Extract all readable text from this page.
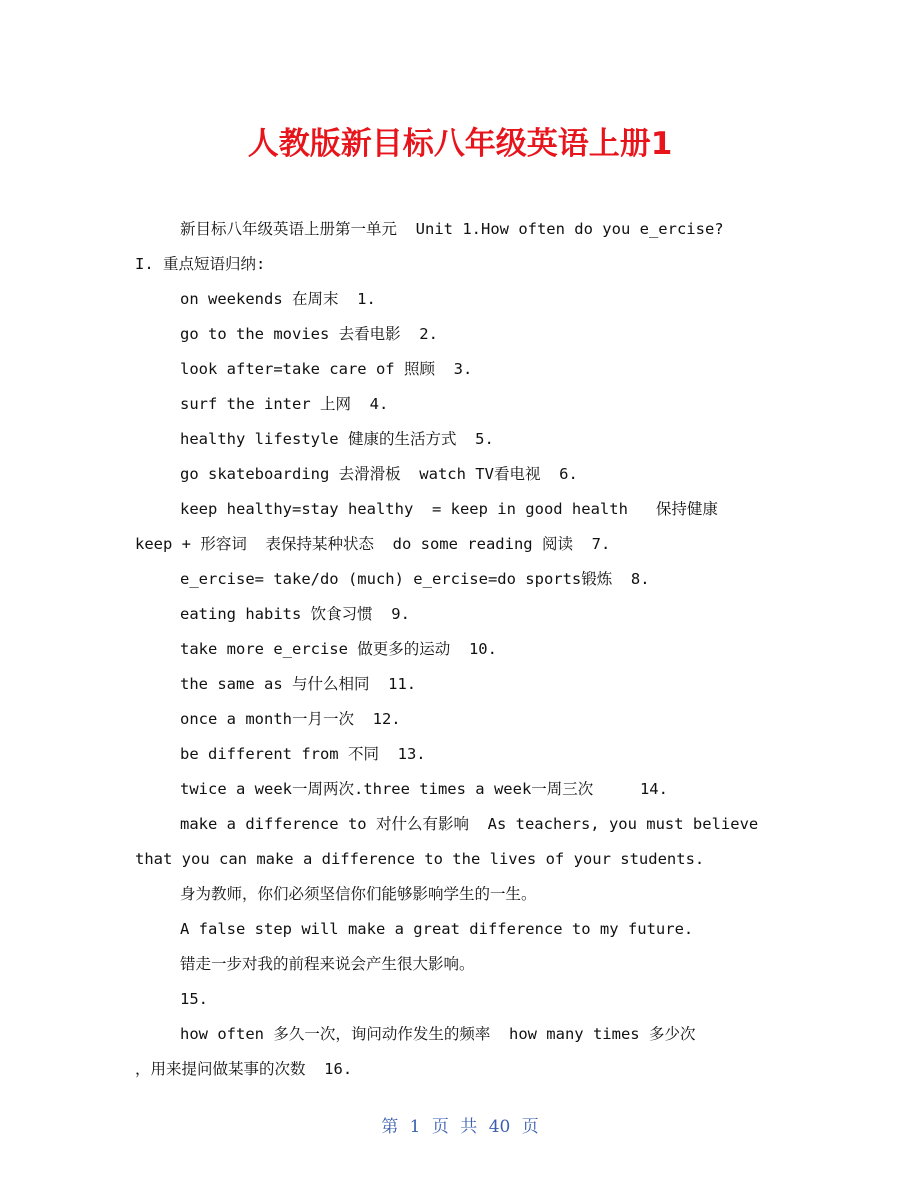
人教版新目标八年级英语上册1
新目标八年级英语上册第一单元  Unit 1.How often do you e_ercise?
I. 重点短语归纳:
on weekends 在周末  1.
go to the movies 去看电影  2.
look after=take care of 照顾  3.
surf the inter 上网  4.
healthy lifestyle 健康的生活方式  5.
go skateboarding 去滑滑板  watch TV看电视  6.
keep healthy=stay healthy  = keep in good health   保持健康
keep + 形容词  表保持某种状态  do some reading 阅读  7.
e_ercise= take/do (much) e_ercise=do sports锻炼  8.
eating habits 饮食习惯  9.
take more e_ercise 做更多的运动  10.
the same as 与什么相同  11.
once a month一月一次  12.
be different from 不同  13.
twice a week一周两次.three times a week一周三次     14.
make a difference to 对什么有影响  As teachers, you must believe
that you can make a difference to the lives of your students.
身为教师，你们必须坚信你们能够影响学生的一生。
A false step will make a great difference to my future.
错走一步对我的前程来说会产生很大影响。
15.
how often 多久一次，询问动作发生的频率  how many times 多少次
，用来提问做某事的次数  16.
第 1 页 共 40 页
